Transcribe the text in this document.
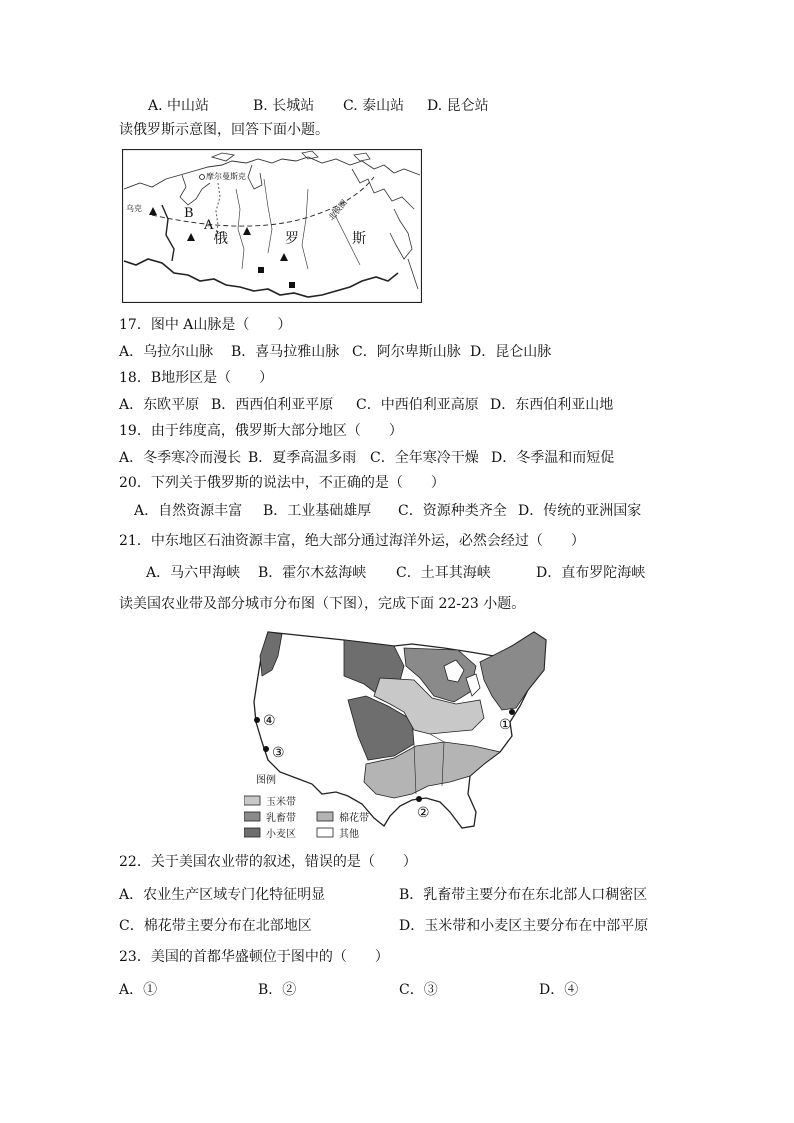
A. 中山站	B. 长城站 C. 泰山站 D. 昆仑站
读俄罗斯示意图，回答下面小题。
摩尔曼斯克
北极圈
B
A
俄	罗	斯
乌克
17．图中 A山脉是（　　）
A．乌拉尔山脉 B．喜马拉雅山脉 C．阿尔卑斯山脉 D．昆仑山脉
18．B地形区是（　　）
A．东欧平原 B．西西伯利亚平原 C．中西伯利亚高原 D．东西伯利亚山地
19．由于纬度高，俄罗斯大部分地区（　　）
A．冬季寒冷而漫长 B．夏季高温多雨 C．全年寒冷干燥 D．冬季温和而短促
20．下列关于俄罗斯的说法中，不正确的是（　　）
A．自然资源丰富 B．工业基础雄厚 C．资源种类齐全 D．传统的亚洲国家
21．中东地区石油资源丰富，绝大部分通过海洋外运，必然会经过（　　）
A．马六甲海峡 B．霍尔木兹海峡 C．土耳其海峡	D．直布罗陀海峡
读美国农业带及部分城市分布图（下图），完成下面 22-23 小题。
①
②
③
④
图例
玉米带
乳畜带
小麦区
棉花带
其他
22．关于美国农业带的叙述，错误的是（　　）
A．农业生产区域专门化特征明显	B．乳畜带主要分布在东北部人口稠密区
C．棉花带主要分布在北部地区	D．玉米带和小麦区主要分布在中部平原
23．美国的首都华盛顿位于图中的（　　）
A．①	B．②	C．③	D．④
